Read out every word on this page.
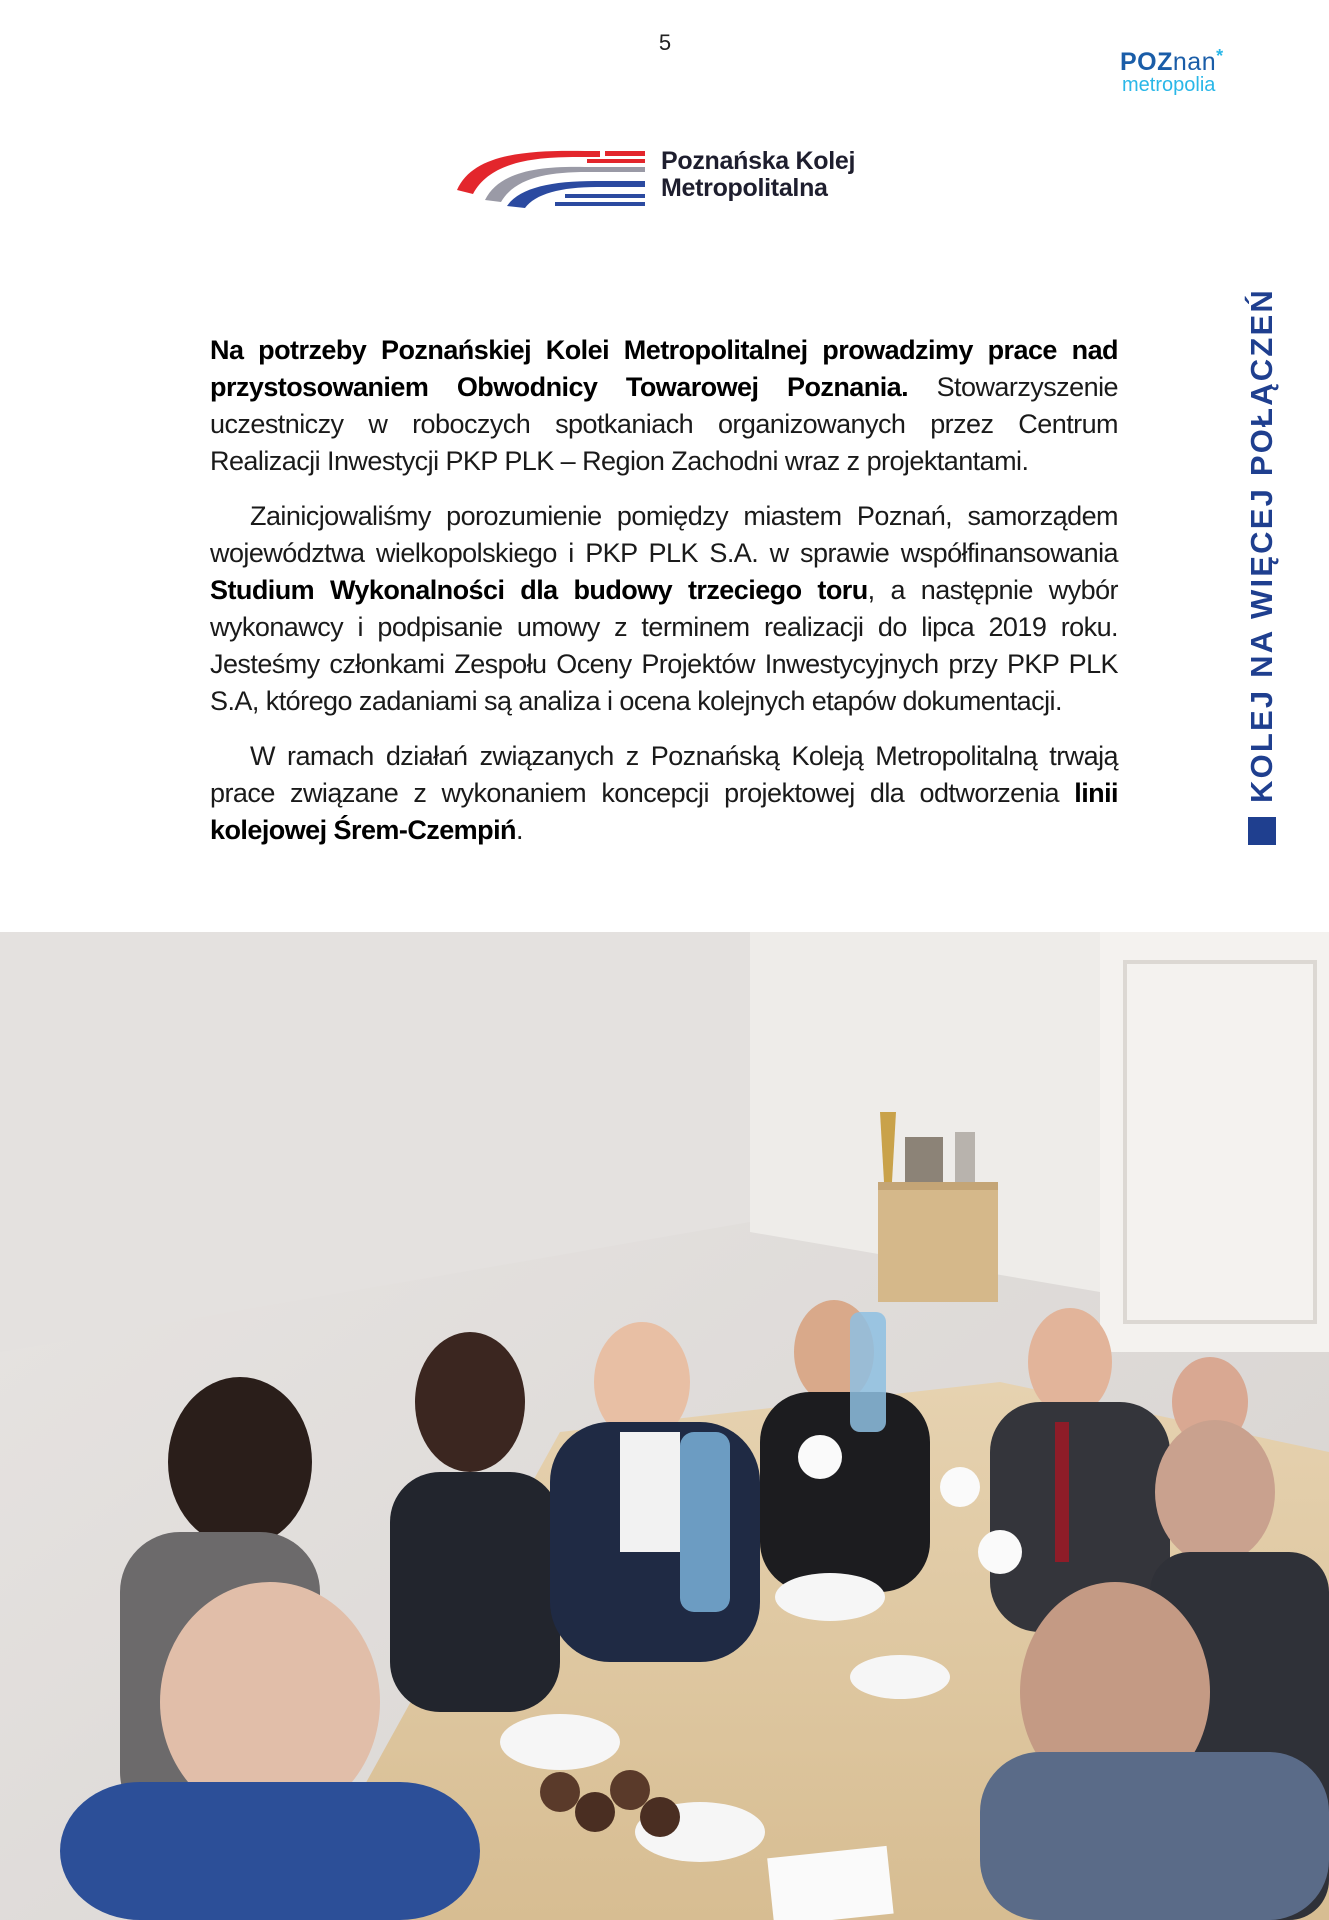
5
POZnan*
metropolia
Poznańska Kolej
Metropolitalna
KOLEJ NA WIĘCEJ POŁĄCZEŃ

Na potrzeby Poznańskiej Kolei Metropolitalnej prowadzimy prace nad przystosowaniem Obwodnicy Towarowej Poznania. Stowarzyszenie uczestniczy w roboczych spotkaniach organizowanych przez Centrum Realizacji Inwestycji PKP PLK – Region Zachodni wraz z projektantami.

Zainicjowaliśmy porozumienie pomiędzy miastem Poznań, samorządem województwa wielkopolskiego i PKP PLK S.A. w sprawie współfinansowania Studium Wykonalności dla budowy trzeciego toru, a następnie wybór wykonawcy i podpisanie umowy z terminem realizacji do lipca 2019 roku. Jesteśmy członkami Zespołu Oceny Projektów Inwestycyjnych przy PKP PLK S.A, którego zadaniami są analiza i ocena kolejnych etapów dokumentacji.

W ramach działań związanych z Poznańską Koleją Metropolitalną trwają prace związane z wykonaniem koncepcji projektowej dla odtworzenia linii kolejowej Śrem-Czempiń.
